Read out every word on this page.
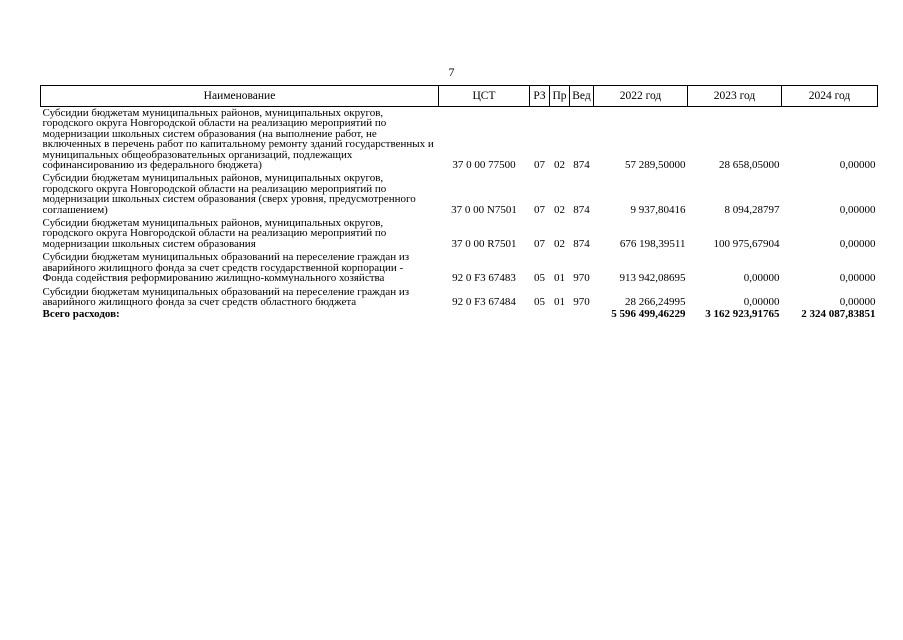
7
Наименование	ЦСТ	РЗ	Пр	Вед	2022 год	2023 год	2024 год
Субсидии бюджетам муниципальных районов, муниципальных округов, городского округа Новгородской области на реализацию мероприятий по модернизации школьных систем образования (на выполнение работ, не включенных в перечень работ по капитальному ремонту зданий государственных и муниципальных общеобразовательных организаций, подлежащих софинансированию из федерального бюджета)	37 0 00 77500	07	02	874	57 289,50000	28 658,05000	0,00000
Субсидии бюджетам муниципальных районов, муниципальных округов, городского округа Новгородской области на реализацию мероприятий по модернизации школьных систем образования (сверх уровня, предусмотренного соглашением)	37 0 00 N7501	07	02	874	9 937,80416	8 094,28797	0,00000
Субсидии бюджетам муниципальных районов, муниципальных округов, городского округа Новгородской области на реализацию мероприятий по модернизации школьных систем образования	37 0 00 R7501	07	02	874	676 198,39511	100 975,67904	0,00000
Субсидии бюджетам муниципальных образований на переселение граждан из аварийного жилищного фонда за счет средств государственной корпорации - Фонда содействия реформированию жилищно-коммунального хозяйства	92 0 F3 67483	05	01	970	913 942,08695	0,00000	0,00000
Субсидии бюджетам муниципальных образований на переселение граждан из аварийного жилищного фонда за счет средств областного бюджета	92 0 F3 67484	05	01	970	28 266,24995	0,00000	0,00000
Всего расходов:					5 596 499,46229	3 162 923,91765	2 324 087,83851
